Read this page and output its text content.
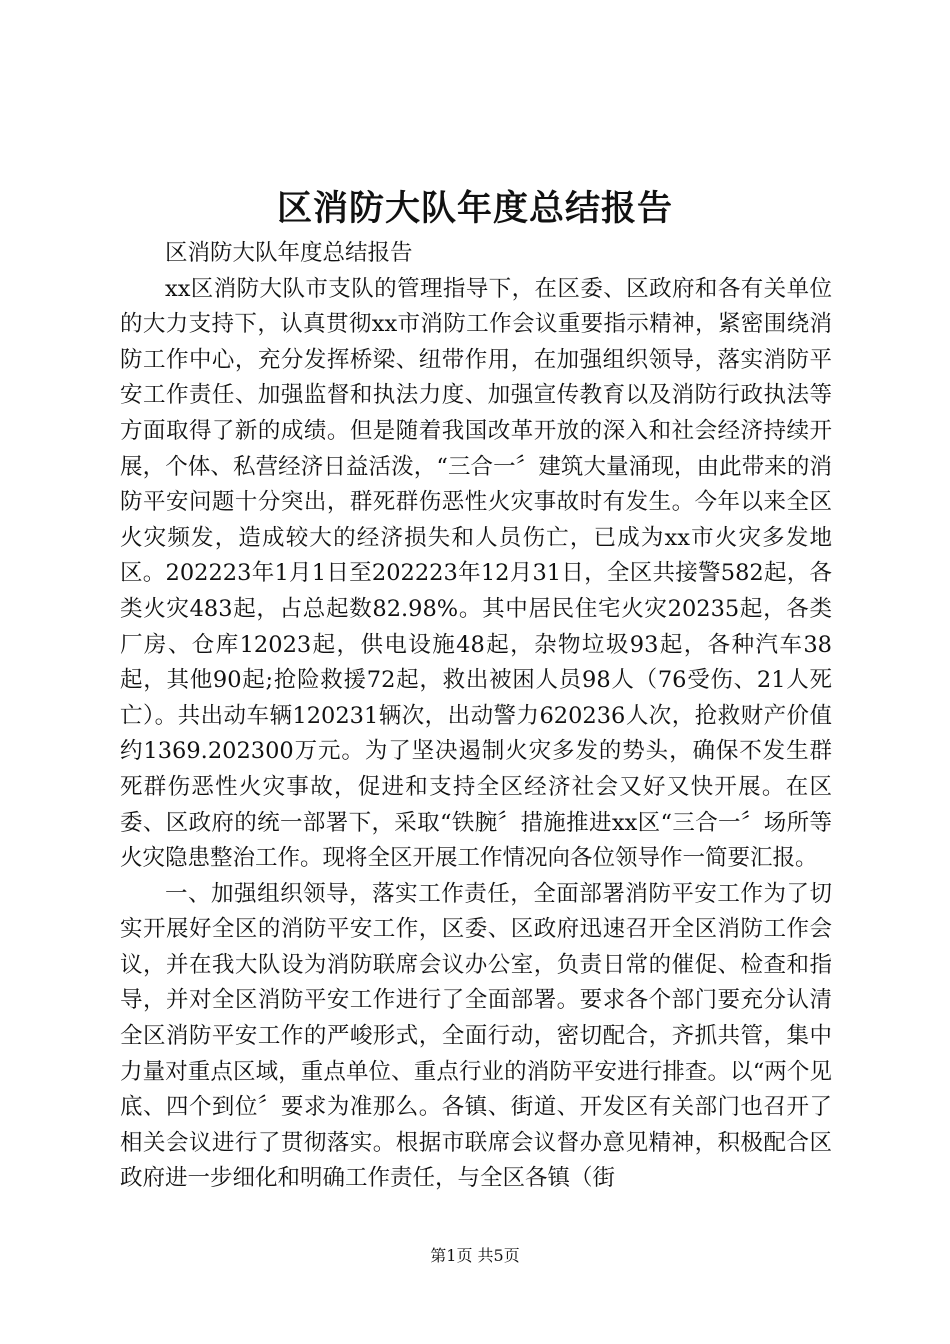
区消防大队年度总结报告

区消防大队年度总结报告

xx区消防大队市支队的管理指导下，在区委、区政府和各有关单位的大力支持下，认真贯彻xx市消防工作会议重要指示精神，紧密围绕消防工作中心，充分发挥桥梁、纽带作用，在加强组织领导，落实消防平安工作责任、加强监督和执法力度、加强宣传教育以及消防行政执法等方面取得了新的成绩。但是随着我国改革开放的深入和社会经济持续开展，个体、私营经济日益活泼，“三合一〞建筑大量涌现，由此带来的消防平安问题十分突出，群死群伤恶性火灾事故时有发生。今年以来全区火灾频发，造成较大的经济损失和人员伤亡，已成为xx市火灾多发地区。202223年1月1日至202223年12月31日，全区共接警582起，各类火灾483起，占总起数82.98%。其中居民住宅火灾20235起，各类厂房、仓库12023起，供电设施48起，杂物垃圾93起，各种汽车38起，其他90起;抢险救援72起，救出被困人员98人（76受伤、21人死亡）。共出动车辆120231辆次，出动警力620236人次，抢救财产价值约1369.202300万元。为了坚决遏制火灾多发的势头，确保不发生群死群伤恶性火灾事故，促进和支持全区经济社会又好又快开展。在区委、区政府的统一部署下，采取“铁腕〞措施推进xx区“三合一〞场所等火灾隐患整治工作。现将全区开展工作情况向各位领导作一简要汇报。

一、加强组织领导，落实工作责任，全面部署消防平安工作为了切实开展好全区的消防平安工作，区委、区政府迅速召开全区消防工作会议，并在我大队设为消防联席会议办公室，负责日常的催促、检查和指导，并对全区消防平安工作进行了全面部署。要求各个部门要充分认清全区消防平安工作的严峻形式，全面行动，密切配合，齐抓共管，集中力量对重点区域，重点单位、重点行业的消防平安进行排查。以“两个见底、四个到位〞要求为准那么。各镇、街道、开发区有关部门也召开了相关会议进行了贯彻落实。根据市联席会议督办意见精神，积极配合区政府进一步细化和明确工作责任，与全区各镇（街

第1页 共5页
